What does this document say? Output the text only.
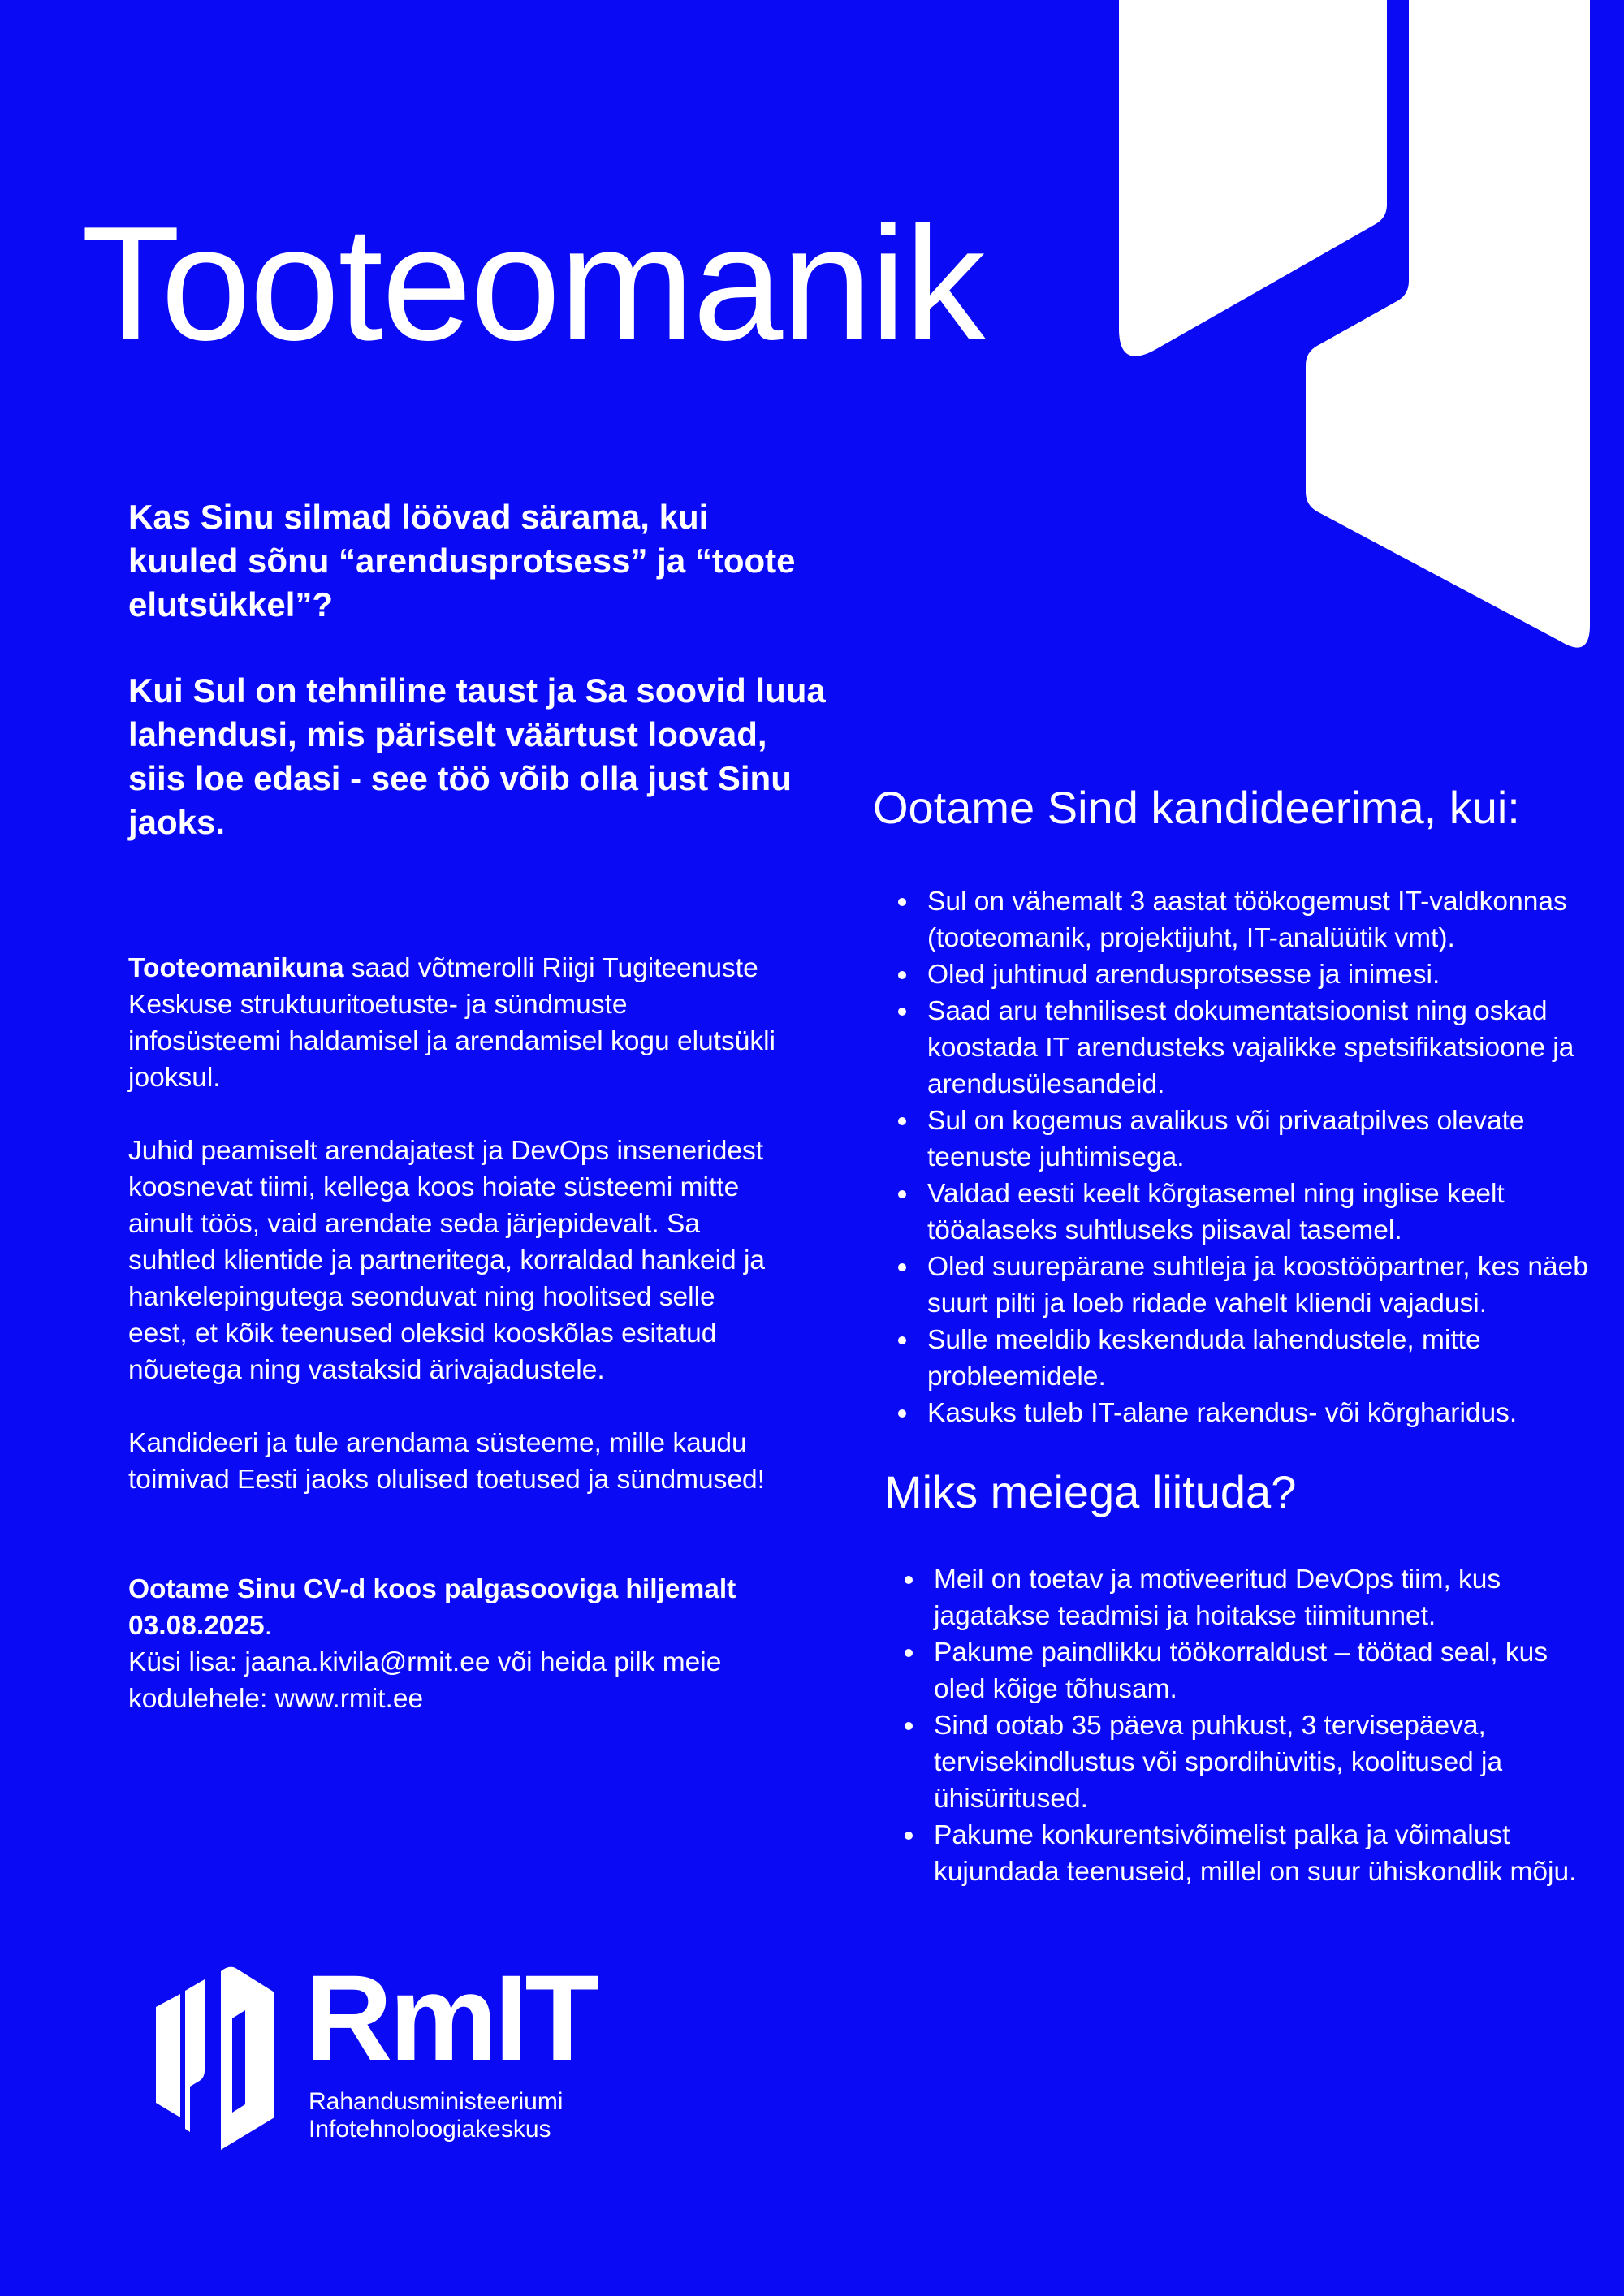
Tooteomanik

Kas Sinu silmad löövad särama, kui kuuled sõnu “arendusprotsess” ja “toote elutsükkel”?

Kui Sul on tehniline taust ja Sa soovid luua lahendusi, mis päriselt väärtust loovad, siis loe edasi - see töö võib olla just Sinu jaoks.

Tooteomanikuna saad võtmerolli Riigi Tugiteenuste Keskuse struktuuritoetuste- ja sündmuste infosüsteemi haldamisel ja arendamisel kogu elutsükli jooksul.

Juhid peamiselt arendajatest ja DevOps inseneridest koosnevat tiimi, kellega koos hoiate süsteemi mitte ainult töös, vaid arendate seda järjepidevalt. Sa suhtled klientide ja partneritega, korraldad hankeid ja hankelepingutega seonduvat ning hoolitsed selle eest, et kõik teenused oleksid kooskõlas esitatud nõuetega ning vastaksid ärivajadustele.

Kandideeri ja tule arendama süsteeme, mille kaudu toimivad Eesti jaoks olulised toetused ja sündmused!

Ootame Sinu CV-d koos palgasooviga hiljemalt 03.08.2025.
Küsi lisa: jaana.kivila@rmit.ee või heida pilk meie kodulehele: www.rmit.ee

Ootame Sind kandideerima, kui:
Sul on vähemalt 3 aastat töökogemust IT-valdkonnas (tooteomanik, projektijuht, IT-analüütik vmt).
Oled juhtinud arendusprotsesse ja inimesi.
Saad aru tehnilisest dokumentatsioonist ning oskad koostada IT arendusteks vajalikke spetsifikatsioone ja arendusülesandeid.
Sul on kogemus avalikus või privaatpilves olevate teenuste juhtimisega.
Valdad eesti keelt kõrgtasemel ning inglise keelt tööalaseks suhtluseks piisaval tasemel.
Oled suurepärane suhtleja ja koostööpartner, kes näeb suurt pilti ja loeb ridade vahelt kliendi vajadusi.
Sulle meeldib keskenduda lahendustele, mitte probleemidele.
Kasuks tuleb IT-alane rakendus- või kõrgharidus.
Miks meiega liituda?
Meil on toetav ja motiveeritud DevOps tiim, kus jagatakse teadmisi ja hoitakse tiimitunnet.
Pakume paindlikku töökorraldust – töötad seal, kus oled kõige tõhusam.
Sind ootab 35 päeva puhkust, 3 tervisepäeva, tervisekindlustus või spordihüvitis, koolitused ja ühisüritused.
Pakume konkurentsivõimelist palka ja võimalust kujundada teenuseid, millel on suur ühiskondlik mõju.
RmIT
Rahandusministeeriumi
Infotehnoloogiakeskus
